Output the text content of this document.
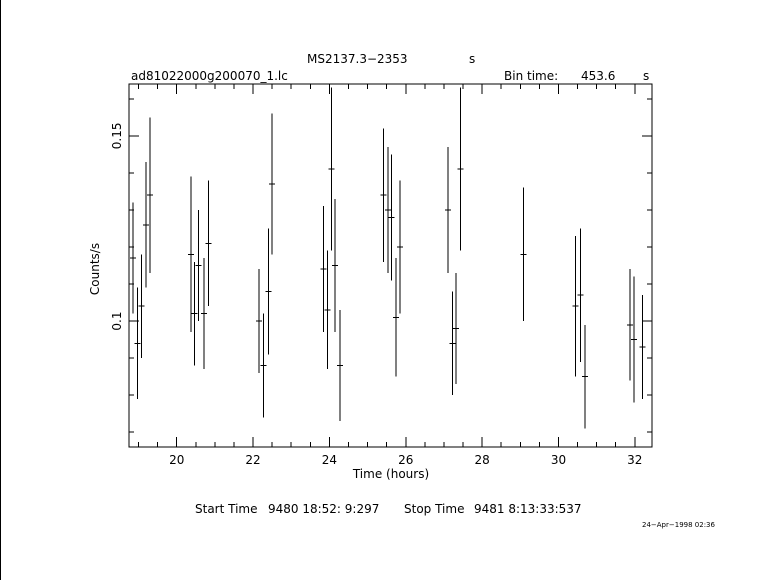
MS2137.3−2353	s
ad81022000g200070_1.lc	Bin time: 453.6 s
20	22	24	26	28	30	32
0.1
0.15
Time (hours)
Counts/s
Start Time 9480 18:52: 9:297 Stop Time 9481 8:13:33:537
24−Apr−1998 02:36
